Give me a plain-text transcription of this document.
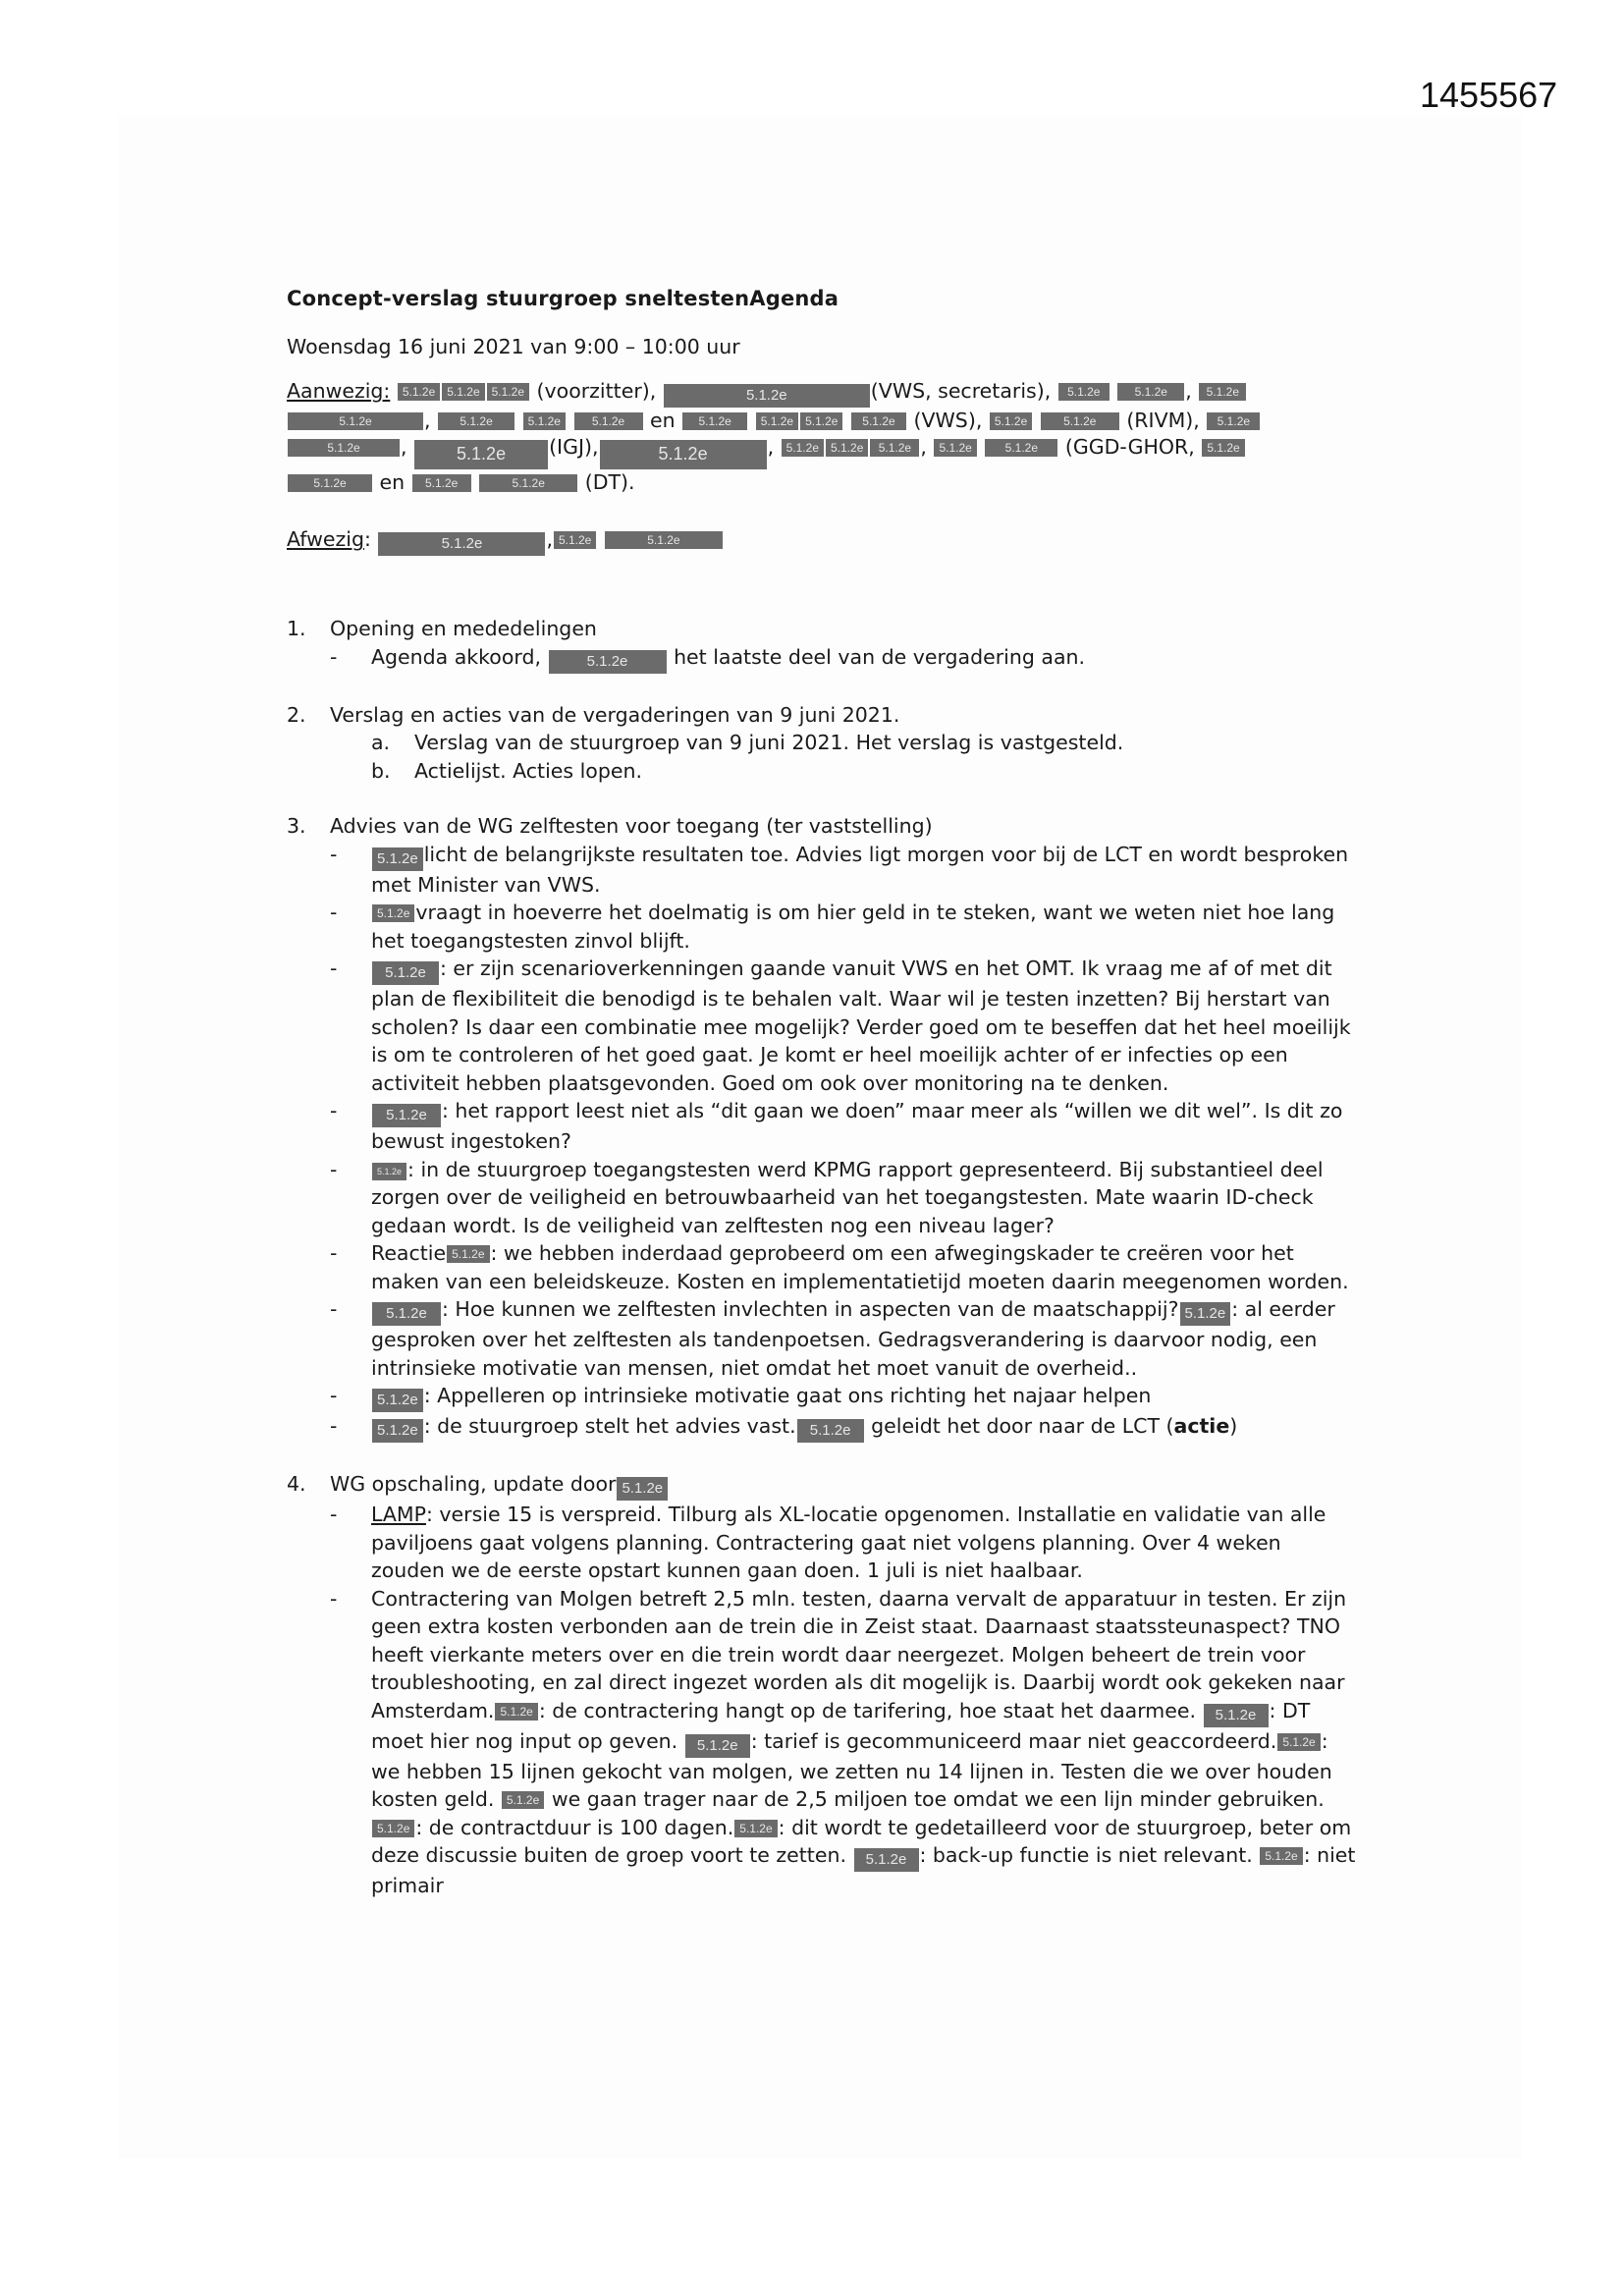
1455567
Concept-verslag stuurgroep sneltestenAgenda
Woensdag 16 juni 2021 van 9:00 – 10:00 uur
Aanwezig: 5.1.2e 5.1.2e 5.1.2e (voorzitter),	5.1.2e	(VWS, secretaris), 5.1.2e	5.1.2e , 5.1.2e
5.1.2e	, 5.1.2e	5.1.2e	5.1.2e en 5.1.2e 5.1.2e 5.1.2e 5.1.2e (VWS), 5.1.2e	5.1.2e (RIVM), 5.1.2e
5.1.2e ,	5.1.2e (IGJ),	5.1.2e	, 5.1.2e 5.1.2e 5.1.2e , 5.1.2e	5.1.2e (GGD-GHOR, 5.1.2e
5.1.2e en 5.1.2e	5.1.2e (DT).
Afwezig:	5.1.2e	, 5.1.2e	5.1.2e
1.	Opening en mededelingen
-	Agenda akkoord,	5.1.2e het laatste deel van de vergadering aan.
2.	Verslag en acties van de vergaderingen van 9 juni 2021.
a.	Verslag van de stuurgroep van 9 juni 2021. Het verslag is vastgesteld.
b.	Actielijst. Acties lopen.
3.	Advies van de WG zelftesten voor toegang (ter vaststelling)
-	5.1.2e licht de belangrijkste resultaten toe. Advies ligt morgen voor bij de LCT en wordt besproken met Minister van VWS.
-	5.1.2e vraagt in hoeverre het doelmatig is om hier geld in te steken, want we weten niet hoe lang het toegangstesten zinvol blijft.
-	5.1.2e : er zijn scenarioverkenningen gaande vanuit VWS en het OMT. Ik vraag me af of met dit plan de flexibiliteit die benodigd is te behalen valt. Waar wil je testen inzetten? Bij herstart van scholen? Is daar een combinatie mee mogelijk? Verder goed om te beseffen dat het heel moeilijk is om te controleren of het goed gaat. Je komt er heel moeilijk achter of er infecties op een activiteit hebben plaatsgevonden. Goed om ook over monitoring na te denken.
-	5.1.2e : het rapport leest niet als “dit gaan we doen” maar meer als “willen we dit wel”. Is dit zo bewust ingestoken?
-	5.1.2e : in de stuurgroep toegangstesten werd KPMG rapport gepresenteerd. Bij substantieel deel zorgen over de veiligheid en betrouwbaarheid van het toegangstesten. Mate waarin ID-check gedaan wordt. Is de veiligheid van zelftesten nog een niveau lager?
-	Reactie 5.1.2e : we hebben inderdaad geprobeerd om een afwegingskader te creëren voor het maken van een beleidskeuze. Kosten en implementatietijd moeten daarin meegenomen worden.
-	5.1.2e : Hoe kunnen we zelftesten invlechten in aspecten van de maatschappij? 5.1.2e : al eerder gesproken over het zelftesten als tandenpoetsen. Gedragsverandering is daarvoor nodig, een intrinsieke motivatie van mensen, niet omdat het moet vanuit de overheid..
-	5.1.2e : Appelleren op intrinsieke motivatie gaat ons richting het najaar helpen
-	5.1.2e : de stuurgroep stelt het advies vast. 5.1.2e geleidt het door naar de LCT (actie)
4.	WG opschaling, update door 5.1.2e
-	LAMP: versie 15 is verspreid. Tilburg als XL-locatie opgenomen. Installatie en validatie van alle paviljoens gaat volgens planning. Contractering gaat niet volgens planning. Over 4 weken zouden we de eerste opstart kunnen gaan doen. 1 juli is niet haalbaar.
-	Contractering van Molgen betreft 2,5 mln. testen, daarna vervalt de apparatuur in testen. Er zijn geen extra kosten verbonden aan de trein die in Zeist staat. Daarnaast staatssteunaspect? TNO heeft vierkante meters over en die trein wordt daar neergezet. Molgen beheert de trein voor troubleshooting, en zal direct ingezet worden als dit mogelijk is. Daarbij wordt ook gekeken naar Amsterdam. 5.1.2e : de contractering hangt op de tarifering, hoe staat het daarmee. 5.1.2e : DT moet hier nog input op geven. 5.1.2e : tarief is gecommuniceerd maar niet geaccordeerd. 5.1.2e : we hebben 15 lijnen gekocht van molgen, we zetten nu 14 lijnen in. Testen die we over houden kosten geld. 5.1.2e we gaan trager naar de 2,5 miljoen toe omdat we een lijn minder gebruiken. 5.1.2e : de contractduur is 100 dagen. 5.1.2e : dit wordt te gedetailleerd voor de stuurgroep, beter om deze discussie buiten de groep voort te zetten. 5.1.2e : back-up functie is niet relevant. 5.1.2e : niet primair
